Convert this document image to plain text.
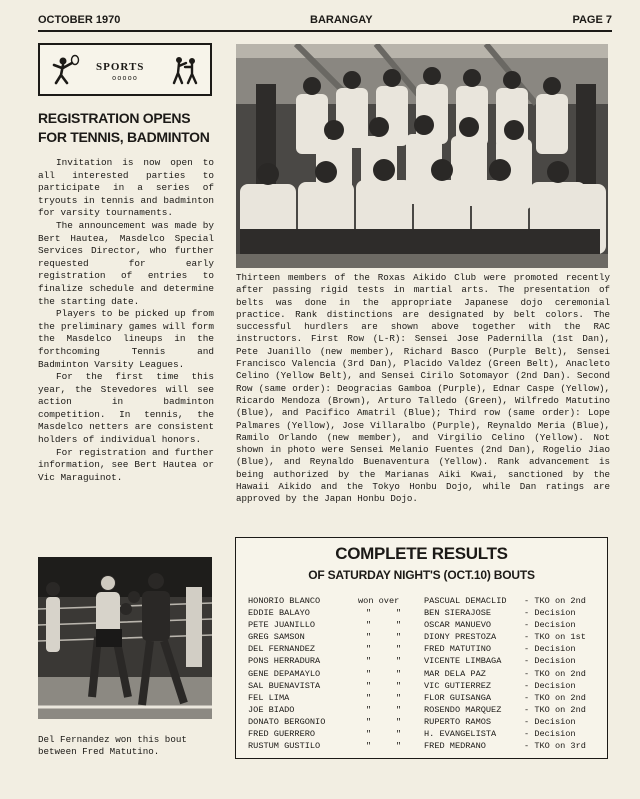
OCTOBER 1970	BARANGAY	PAGE 7
SPORTS
ooooo
REGISTRATION OPENS FOR TENNIS, BADMINTON

Invitation is now open to all interested parties to participate in a series of tryouts in tennis and badminton for varsity tournaments.

The announcement was made by Bert Hautea, Masdelco Special Services Director, who further requested for early registration of entries to finalize schedule and determine the starting date.

Players to be picked up from the preliminary games will form the Masdelco lineups in the forthcoming Tennis and Badminton Varsity Leagues.

For the first time this year, the Stevedores will see action in badminton competition. In tennis, the Masdelco netters are consistent holders of individual honors.

For registration and further information, see Bert Hautea or Vic Maraguinot.

Thirteen members of the Roxas Aikido Club were promoted recently after passing rigid tests in martial arts. The presentation of belts was done in the appropriate Japanese dojo ceremonial practice. Rank distinctions are designated by belt colors. The successful hurdlers are shown above together with the RAC instructors. First Row (L-R): Sensei Jose Padernilla (1st Dan), Pete Juanillo (new member), Richard Basco (Purple Belt), Sensei Francisco Valencia (3rd Dan), Placido Valdez (Green Belt), Anacleto Celino (Yellow Belt), and Sensei Cirilo Sotomayor (2nd Dan). Second Row (same order): Deogracias Gamboa (Purple), Ednar Caspe (Yellow), Ricardo Mendoza (Brown), Arturo Talledo (Green), Wilfredo Matutino (Blue), and Pacifico Amatril (Blue); Third row (same order): Lope Palmares (Yellow), Jose Villaralbo (Purple), Reynaldo Meria (Blue), Ramilo Orlando (new member), and Virgilio Celino (Yellow). Not shown in photo were Sensei Melanio Fuentes (2nd Dan), Rogelio Jiao (Blue), and Reynaldo Buenaventura (Yellow). Rank advancement is being authorized by the Marianas Aiki Kwai, sanctioned by the Hawaii Aikido and the Tokyo Honbu Dojo, while Dan ratings are approved by the Japan Honbu Dojo.
Del Fernandez won this bout between Fred Matutino.
COMPLETE RESULTS
OF SATURDAY NIGHT'S (OCT.10) BOUTS
HONORIO BLANCO	won over	PASCUAL DEMACLID - TKO on 2nd
EDDIE BALAYO	"	"	BEN SIERAJOSE	- Decision
PETE JUANILLO	"	"	OSCAR MANUEVO	- Decision
GREG SAMSON	"	"	DIONY PRESTOZA	- TKO on 1st
DEL FERNANDEZ	"	"	FRED MATUTINO	- Decision
PONS HERRADURA	"	"	VICENTE LIMBAGA	- Decision
GENE DEPAMAYLO	"	"	MAR DELA PAZ	- TKO on 2nd
SAL BUENAVISTA	"	"	VIC GUTIERREZ	- Decision
FEL LIMA	"	"	FLOR GUISANGA	- TKO on 2nd
JOE BIADO	"	"	ROSENDO MARQUEZ	- TKO on 2nd
DONATO BERGONIO	"	"	RUPERTO RAMOS	- Decision
FRED GUERRERO	"	"	H. EVANGELISTA	- Decision
RUSTUM GUSTILO	"	"	FRED MEDRANO	- TKO on 3rd
